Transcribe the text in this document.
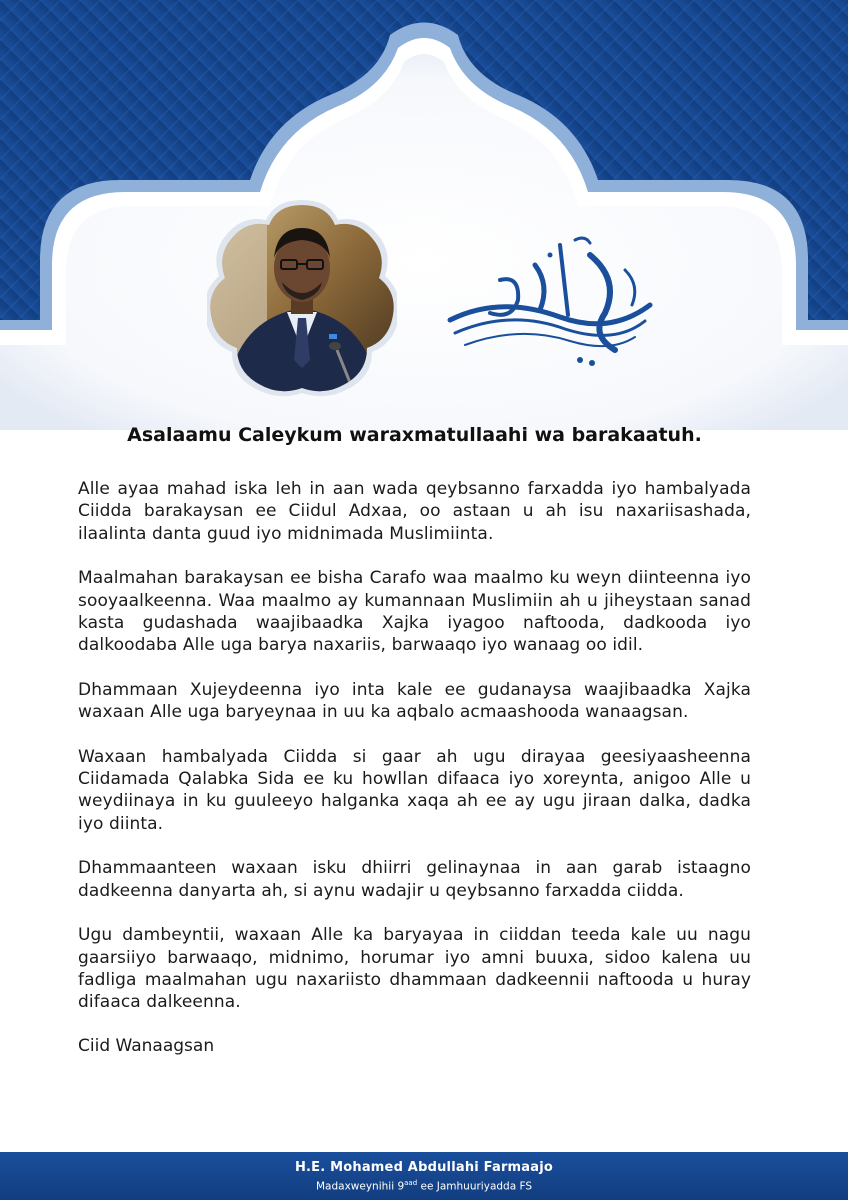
Asalaamu Caleykum waraxmatullaahi wa barakaatuh.

Alle ayaa mahad iska leh in aan wada qeybsanno farxadda iyo hambalyada Ciidda barakaysan ee Ciidul Adxaa, oo astaan u ah isu naxariisashada, ilaalinta danta guud iyo midnimada Muslimiinta.

Maalmahan barakaysan ee bisha Carafo waa maalmo ku weyn diinteenna iyo sooyaalkeenna. Waa maalmo ay kumannaan Muslimiin ah u jiheystaan sanad kasta gudashada waajibaadka Xajka iyagoo naftooda, dadkooda iyo dalkoodaba Alle uga barya naxariis, barwaaqo iyo wanaag oo idil.

Dhammaan Xujeydeenna iyo inta kale ee gudanaysa waajibaadka Xajka waxaan Alle uga baryeynaa in uu ka aqbalo acmaashooda wanaagsan.

Waxaan hambalyada Ciidda si gaar ah ugu dirayaa geesiyaasheenna Ciidamada Qalabka Sida ee ku howllan difaaca iyo xoreynta, anigoo Alle u weydiinaya in ku guuleeyo halganka xaqa ah ee ay ugu jiraan dalka, dadka iyo diinta.

Dhammaanteen waxaan isku dhiirri gelinaynaa in aan garab istaagno dadkeenna danyarta ah, si aynu wadajir u qeybsanno farxadda ciidda.

Ugu dambeyntii, waxaan Alle ka baryayaa in ciiddan teeda kale uu nagu gaarsiiyo barwaaqo, midnimo, horumar iyo amni buuxa, sidoo kalena uu fadliga maalmahan ugu naxariisto dhammaan dadkeennii naftooda u huray difaaca dalkeenna.

Ciid Wanaagsan

H.E. Mohamed Abdullahi Farmaajo
Madaxweynihii $9^{aad}$ ee Jamhuuriyadda FS
